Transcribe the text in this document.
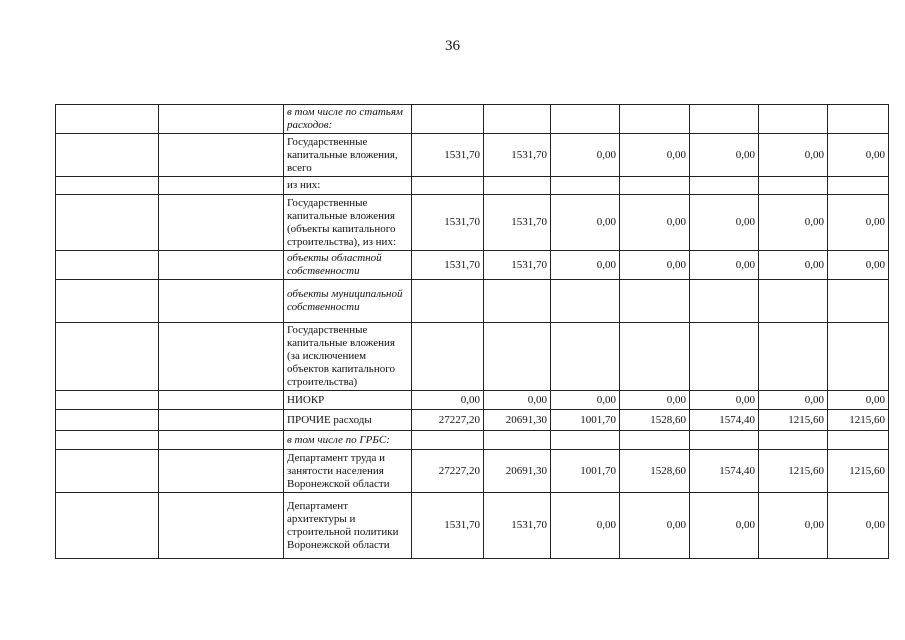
36
		в том числе по статьям расходов:							
		Государственные капитальные вложения, всего	1531,70	1531,70	0,00	0,00	0,00	0,00	0,00
		из них:							
		Государственные капитальные вложения (объекты капитального строительства), из них:	1531,70	1531,70	0,00	0,00	0,00	0,00	0,00
		объекты областной собственности	1531,70	1531,70	0,00	0,00	0,00	0,00	0,00
		объекты муниципальной собственности							
		Государственные капитальные вложения (за исключением объектов капитального строительства)							
		НИОКР	0,00	0,00	0,00	0,00	0,00	0,00	0,00
		ПРОЧИЕ расходы	27227,20	20691,30	1001,70	1528,60	1574,40	1215,60	1215,60
		в том числе по ГРБС:							
		Департамент труда и занятости населения Воронежской области	27227,20	20691,30	1001,70	1528,60	1574,40	1215,60	1215,60
		Департамент архитектуры и строительной политики Воронежской области	1531,70	1531,70	0,00	0,00	0,00	0,00	0,00
